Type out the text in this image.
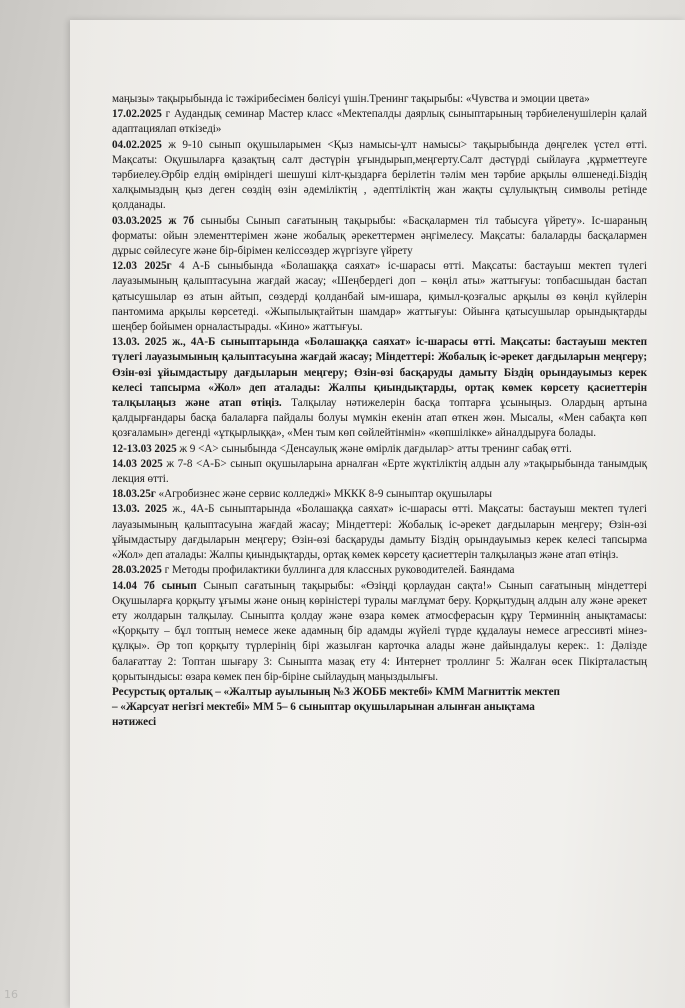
маңызы» тақырыбында іс тәжірибесімен бөлісуі үшін.Тренинг тақырыбы: «Чувства и эмоции цвета»

17.02.2025 г Аудандық семинар Мастер класс «Мектепалды даярлық сыныптарының тәрбиеленушілерін қалай адаптациялап өткізеді»

04.02.2025 ж 9-10 сынып оқушыларымен <Қыз намысы-ұлт намысы> тақырыбында дөңгелек үстел өтті. Мақсаты: Оқушыларға қазақтың салт дәстүрін ұғындырып,меңгерту.Салт дәстүрді сыйлауға ,құрметтеуге тәрбиелеу.Әрбір елдің өміріндегі шешуші кілт-қыздарға берілетін тәлім мен тәрбие арқылы өлшенеді.Біздің халқымыздың қыз деген сөздің өзін әдеміліктің , әдептіліктің жан жақты сұлулықтың символы ретінде қолданады.

03.03.2025 ж 7б сыныбы Сынып сағатының тақырыбы: «Басқалармен тіл табысуға үйрету». Іс-шараның форматы: ойын элементтерімен және жобалық әрекеттермен әңгімелесу. Мақсаты: балаларды басқалармен дұрыс сөйлесуге және бір-бірімен келіссөздер жүргізуге үйрету

12.03 2025г 4 А-Б сыныбында «Болашаққа саяхат» іс-шарасы өтті. Мақсаты: бастауыш мектеп түлегі лауазымының қалыптасуына жағдай жасау; «Шеңбердегі доп – көңіл аты» жаттығуы: топбасшыдан бастап қатысушылар өз атын айтып, сөздерді қолданбай ым-ишара, қимыл-қозғалыс арқылы өз көңіл күйлерін пантомима арқылы көрсетеді. «Жыпылықтайтын шамдар» жаттығуы: Ойынға қатысушылар орындықтарды шеңбер бойымен орналастырады. «Кино» жаттығуы.

13.03. 2025 ж., 4А-Б сыныптарында «Болашаққа саяхат» іс-шарасы өтті. Мақсаты: бастауыш мектеп түлегі лауазымының қалыптасуына жағдай жасау; Міндеттері: Жобалық іс-әрекет дағдыларын меңгеру; Өзін-өзі ұйымдастыру дағдыларын меңгеру; Өзін-өзі басқаруды дамыту Біздің орындауымыз керек келесі тапсырма «Жол» деп аталады: Жалпы қиындықтарды, ортақ көмек көрсету қасиеттерін талқылаңыз және атап өтіңіз. Талқылау нәтижелерін басқа топтарға ұсыныңыз. Олардың артына қалдырғандары басқа балаларға пайдалы болуы мүмкін екенін атап өткен жөн. Мысалы, «Мен сабақта көп қозғаламын» дегенді «ұтқырлыққа», «Мен тым көп сөйлейтінмін» «көпшілікке» айналдыруға болады.

12-13.03 2025 ж 9 <А> сыныбында <Денсаулық және өмірлік дағдылар> атты тренинг сабақ өтті.

14.03 2025 ж 7-8 <А-Б> сынып оқушыларына арналған «Ерте жүктіліктің алдын алу »тақырыбында танымдық лекция өтті.

18.03.25г «Агробизнес және сервис колледжі» МККК 8-9 сыныптар оқушылары

13.03. 2025 ж., 4А-Б сыныптарында «Болашаққа саяхат» іс-шарасы өтті. Мақсаты: бастауыш мектеп түлегі лауазымының қалыптасуына жағдай жасау; Міндеттері: Жобалық іс-әрекет дағдыларын меңгеру; Өзін-өзі ұйымдастыру дағдыларын меңгеру; Өзін-өзі басқаруды дамыту Біздің орындауымыз керек келесі тапсырма «Жол» деп аталады: Жалпы қиындықтарды, ортақ көмек көрсету қасиеттерін талқылаңыз және атап өтіңіз.

28.03.2025 г Методы профилактики буллинга для классных руководителей. Баяндама

14.04 7б сынып Сынып сағатының тақырыбы: «Өзіңді қорлаудан сақта!» Сынып сағатының міндеттері Оқушыларға қорқыту ұғымы және оның көріністері туралы мағлұмат беру. Қорқытудың алдын алу және әрекет ету жолдарын талқылау. Сыныпта қолдау және өзара көмек атмосферасын құру Терминнің анықтамасы: «Қорқыту – бұл топтың немесе жеке адамның бір адамды жүйелі түрде құдалауы немесе агрессивті мінез-құлқы». Әр топ қорқыту түрлерінің бірі жазылған карточка алады және дайындалуы керек:. 1: Дәлізде балағаттау 2: Топтан шығару 3: Сыныпта мазақ ету 4: Интернет троллинг 5: Жалған өсек Пікірталастың қорытындысы: өзара көмек пен бір-біріне сыйлаудың маңыздылығы.

Ресурстық орталық – «Жалтыр ауылының №3 ЖОББ мектебі» КММ Магниттік мектеп

– «Жарсуат негізгі мектебі» ММ 5– 6 сыныптар оқушыларынан алынған анықтама

нәтижесі

16
